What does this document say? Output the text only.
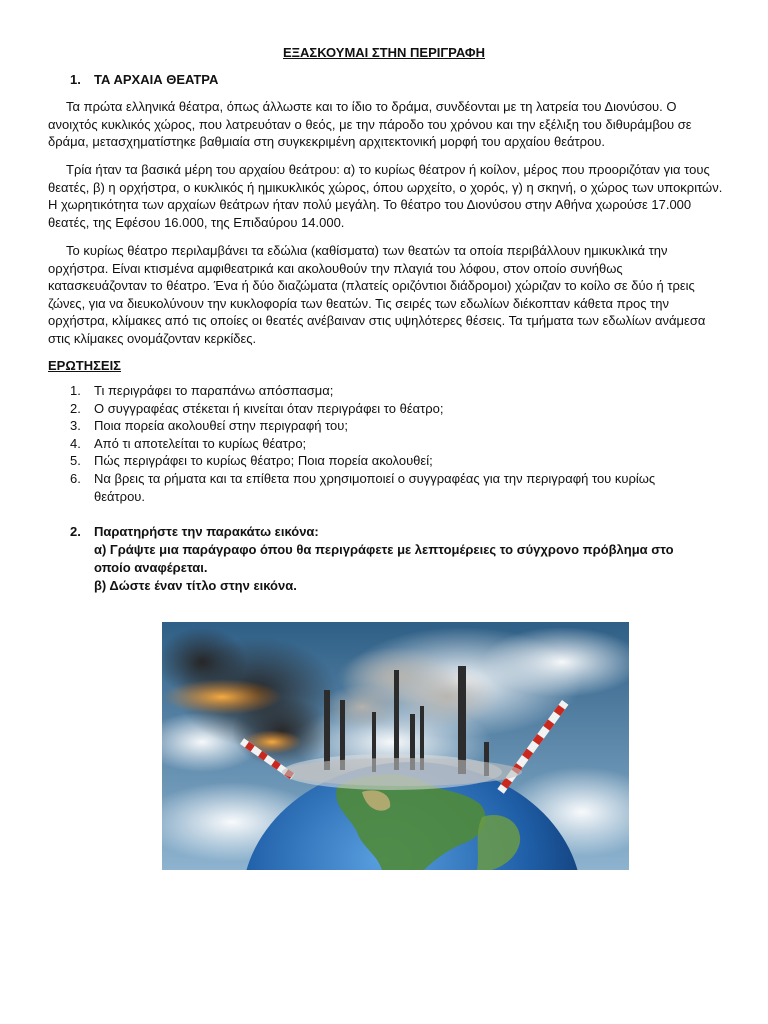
ΕΞΑΣΚΟΥΜΑΙ ΣΤΗΝ ΠΕΡΙΓΡΑΦΗ
1. ΤΑ ΑΡΧΑΙΑ ΘΕΑΤΡΑ

Τα πρώτα ελληνικά θέατρα, όπως άλλωστε και το ίδιο το δράμα, συνδέονται με τη λατρεία του Διονύσου. Ο ανοιχτός κυκλικός χώρος, που λατρευόταν ο θεός, με την πάροδο του χρόνου και την εξέλιξη του διθυράμβου σε δράμα, μετασχηματίστηκε βαθμιαία στη συγκεκριμένη αρχιτεκτονική μορφή του αρχαίου θεάτρου.

Τρία ήταν τα βασικά μέρη του αρχαίου θεάτρου: α) το κυρίως θέατρον ή κοίλον, μέρος που προοριζόταν για τους θεατές, β) η ορχήστρα, ο κυκλικός ή ημικυκλικός χώρος, όπου ωρχείτο, ο χορός, γ) η σκηνή, ο χώρος των υποκριτών. Η χωρητικότητα των αρχαίων θεάτρων ήταν πολύ μεγάλη. Το θέατρο του Διονύσου στην Αθήνα χωρούσε 17.000 θεατές, της Εφέσου 16.000, της Επιδαύρου 14.000.

Το κυρίως θέατρο περιλαμβάνει τα εδώλια (καθίσματα) των θεατών τα οποία περιβάλλουν ημικυκλικά την ορχήστρα. Είναι κτισμένα αμφιθεατρικά και ακολουθούν την πλαγιά του λόφου, στον οποίο συνήθως κατασκευάζονταν το θέατρο. Ένα ή δύο διαζώματα (πλατείς οριζόντιοι διάδρομοι) χώριζαν το κοίλο σε δύο ή τρεις ζώνες, για να διευκολύνουν την κυκλοφορία των θεατών. Τις σειρές των εδωλίων διέκοπταν κάθετα προς την ορχήστρα, κλίμακες από τις οποίες οι θεατές ανέβαιναν στις υψηλότερες θέσεις. Τα τμήματα των εδωλίων ανάμεσα στις κλίμακες ονομάζονταν κερκίδες.

ΕΡΩΤΗΣΕΙΣ
1. Τι περιγράφει το παραπάνω απόσπασμα;
2. Ο συγγραφέας στέκεται ή κινείται όταν περιγράφει το θέατρο;
3. Ποια πορεία ακολουθεί στην περιγραφή του;
4. Από τι αποτελείται το κυρίως θέατρο;
5. Πώς περιγράφει το κυρίως θέατρο; Ποια πορεία ακολουθεί;
6. Να βρεις τα ρήματα και τα επίθετα που χρησιμοποιεί ο συγγραφέας για την περιγραφή του κυρίως θεάτρου.
2. Παρατηρήστε την παρακάτω εικόνα:
α) Γράψτε μια παράγραφο όπου θα περιγράφετε με λεπτομέρειες το σύγχρονο πρόβλημα στο οποίο αναφέρεται.
β) Δώστε έναν τίτλο στην εικόνα.
